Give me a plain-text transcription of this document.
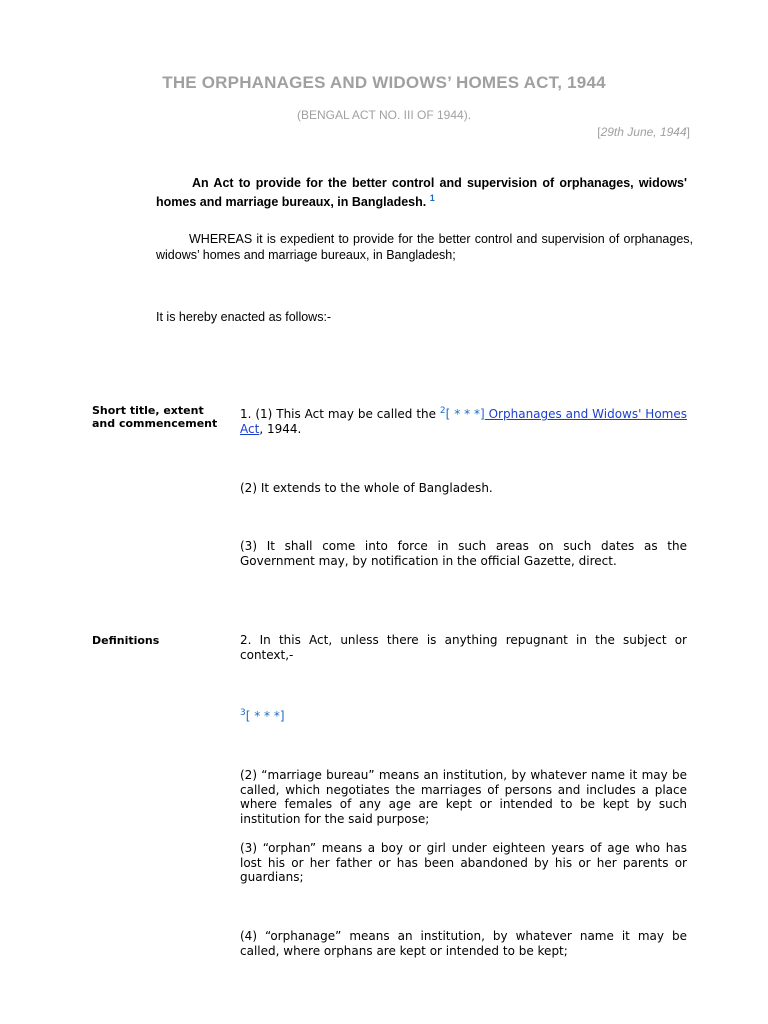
THE ORPHANAGES AND WIDOWS’ HOMES ACT, 1944
(BENGAL ACT NO. III OF 1944).
[29th June, 1944]
An Act to provide for the better control and supervision of orphanages, widows' homes and marriage bureaux, in Bangladesh. $^1$
WHEREAS it is expedient to provide for the better control and supervision of orphanages, widows’ homes and marriage bureaux, in Bangladesh;
It is hereby enacted as follows:-
Short title, extent and commencement
1. (1) This Act may be called the $^2$[ * * *] Orphanages and Widows' Homes Act, 1944.
(2) It extends to the whole of Bangladesh.
(3) It shall come into force in such areas on such dates as the Government may, by notification in the official Gazette, direct.
Definitions	2. In this Act, unless there is anything repugnant in the subject or context,-
$^3$[ * * *]
(2) “marriage bureau” means an institution, by whatever name it may be called, which negotiates the marriages of persons and includes a place where females of any age are kept or intended to be kept by such institution for the said purpose;
(3) “orphan” means a boy or girl under eighteen years of age who has lost his or her father or has been abandoned by his or her parents or guardians;
(4) “orphanage” means an institution, by whatever name it may be called, where orphans are kept or intended to be kept;
